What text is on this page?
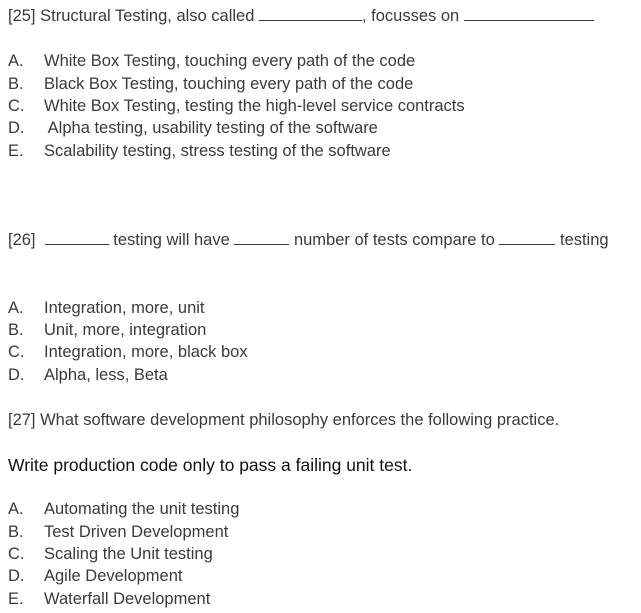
[25] Structural Testing, also called	, focusses on
A. White Box Testing, touching every path of the code
B. Black Box Testing, touching every path of the code
C. White Box Testing, testing the high-level service contracts
D. Alpha testing, usability testing of the software
E. Scalability testing, stress testing of the software
[26]	testing will have	number of tests compare to	testing
A. Integration, more, unit
B. Unit, more, integration
C. Integration, more, black box
D. Alpha, less, Beta
[27] What software development philosophy enforces the following practice.
Write production code only to pass a failing unit test.
A. Automating the unit testing
B. Test Driven Development
C. Scaling the Unit testing
D. Agile Development
E. Waterfall Development
